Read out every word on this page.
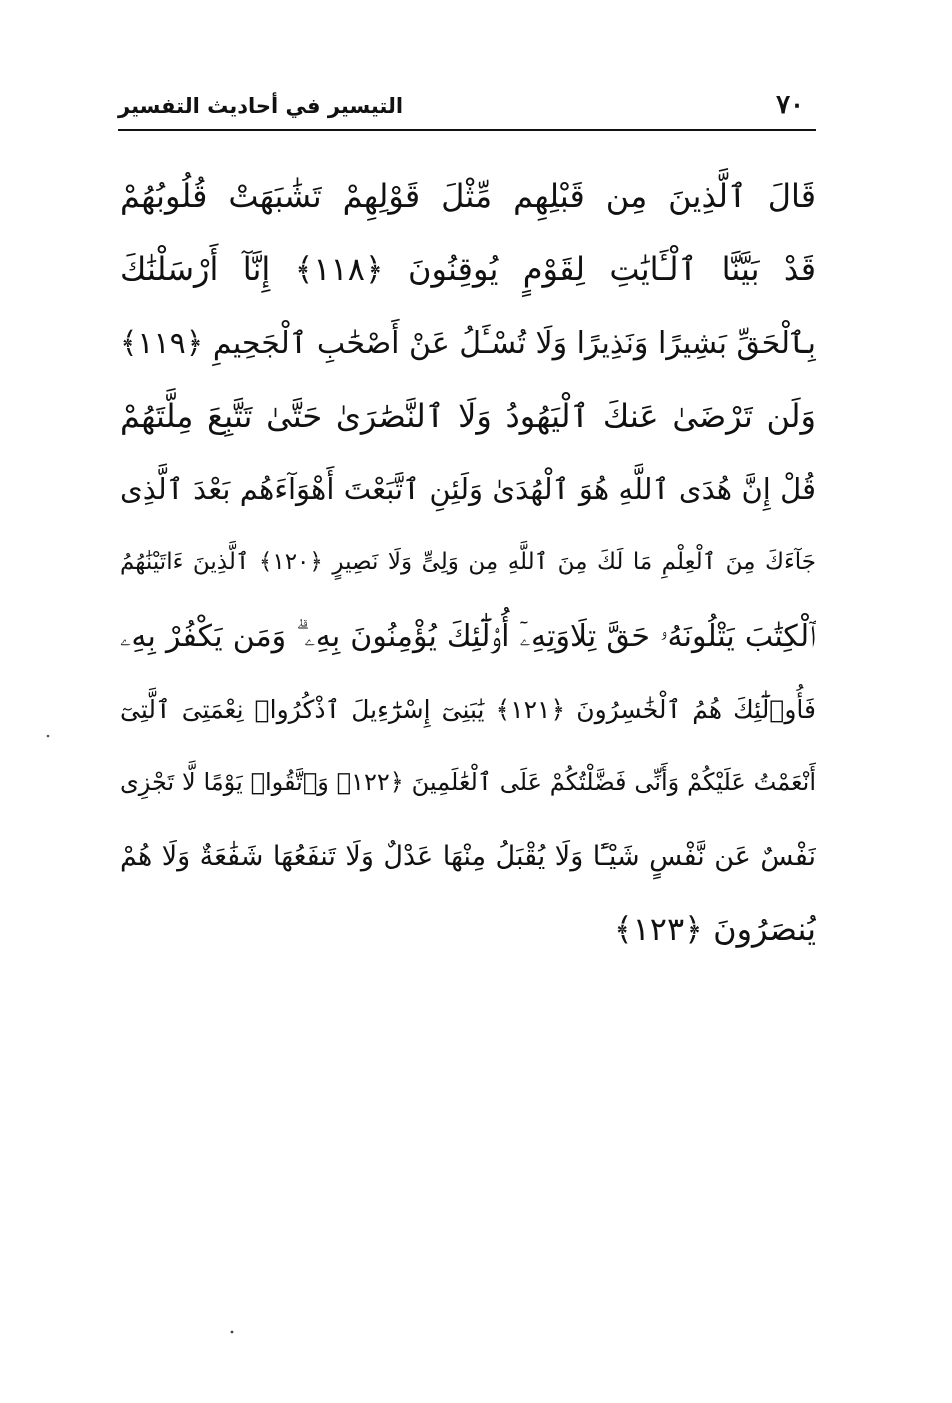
٧٠
التيسير في أحاديث التفسير
قَالَ ٱلَّذِينَ مِن قَبْلِهِم مِّثْلَ قَوْلِهِمْ تَشَٰبَهَتْ قُلُوبُهُمْ
قَدْ بَيَّنَّا ٱلْـَٔايَٰتِ لِقَوْمٍ يُوقِنُونَ ﴿١١٨﴾ إِنَّآ أَرْسَلْنَٰكَ
بِٱلْحَقِّ بَشِيرًا وَنَذِيرًا وَلَا تُسْـَٔلُ عَنْ أَصْحَٰبِ ٱلْجَحِيمِ ﴿١١٩﴾
وَلَن تَرْضَىٰ عَنكَ ٱلْيَهُودُ وَلَا ٱلنَّصَٰرَىٰ حَتَّىٰ تَتَّبِعَ مِلَّتَهُمْ
قُلْ إِنَّ هُدَى ٱللَّهِ هُوَ ٱلْهُدَىٰ وَلَئِنِ ٱتَّبَعْتَ أَهْوَآءَهُم بَعْدَ ٱلَّذِى
جَآءَكَ مِنَ ٱلْعِلْمِ مَا لَكَ مِنَ ٱللَّهِ مِن وَلِىٍّ وَلَا نَصِيرٍ ﴿١٢٠﴾ ٱلَّذِينَ ءَاتَيْنَٰهُمُ
ٱلْكِتَٰبَ يَتْلُونَهُۥ حَقَّ تِلَاوَتِهِۦٓ أُو۟لَٰٓئِكَ يُؤْمِنُونَ بِهِۦ ۗ وَمَن يَكْفُرْ بِهِۦ
فَأُو۟لَٰٓئِكَ هُمُ ٱلْخَٰسِرُونَ ﴿١٢١﴾ يَٰبَنِىٓ إِسْرَٰٓءِيلَ ٱذْكُرُوا۟ نِعْمَتِىَ ٱلَّتِىٓ
أَنْعَمْتُ عَلَيْكُمْ وَأَنِّى فَضَّلْتُكُمْ عَلَى ٱلْعَٰلَمِينَ ﴿١٢٢﴾ وَٱتَّقُوا۟ يَوْمًا لَّا تَجْزِى
نَفْسٌ عَن نَّفْسٍ شَيْـًٔا وَلَا يُقْبَلُ مِنْهَا عَدْلٌ وَلَا تَنفَعُهَا شَفَٰعَةٌ وَلَا هُمْ
يُنصَرُونَ ﴿١٢٣﴾
